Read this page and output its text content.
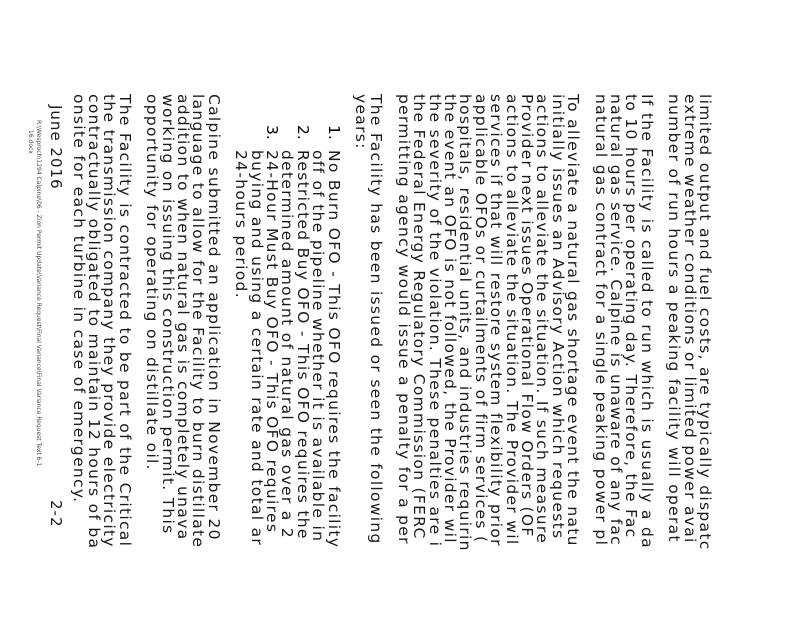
limited output and fuel costs, are typically dispatc
extreme weather conditions or limited power avai
number of run hours a peaking facility will operat
If the Facility is called to run which is usually a da
to 10 hours per operating day. Therefore, the Fac
natural gas service. Calpine is unaware of any fac
natural gas contract for a single peaking power pl
To alleviate a natural gas shortage event the natu
initially issues an Advisory Action which requests
actions to alleviate the situation. If such measure
Provider next issues Operational Flow Orders (OF
actions to alleviate the situation. The Provider wil
services if that will restore system flexibility prior
applicable OFOs or curtailments of firm services (
hospitals, residential units, and industries requirin
the event an OFO is not followed, the Provider wil
the severity of the violation. These penalties are i
the Federal Energy Regulatory Commission (FERC
permitting agency would issue a penalty for a per
The Facility has been issued or seen the following
years:
1.
No Burn OFO - This OFO requires the facility
off of the pipeline whether it is available in
2.
Restricted Buy OFO - This OFO requires the
determined amount of natural gas over a 2
3.
24-Hour Must Buy OFO - This OFO requires
buying and using a certain rate and total ar
24-hours period.
Calpine submitted an application in November 20
language to allow for the Facility to burn distillate
addition to when natural gas is completely unava
working on issuing this construction permit. This
opportunity for operating on distillate oil.
The Facility is contracted to be part of the Critical
the transmission company they provide electricity
contractually obligated to maintain 12 hours of ba
onsite for each turbine in case of emergency.
June 2016
2-2
R:\Wesproch\1294 Calpine\06 - Zion Permit Update\Variance Request\Final Variance\Final Variance Request Text 6-1
16.docx
